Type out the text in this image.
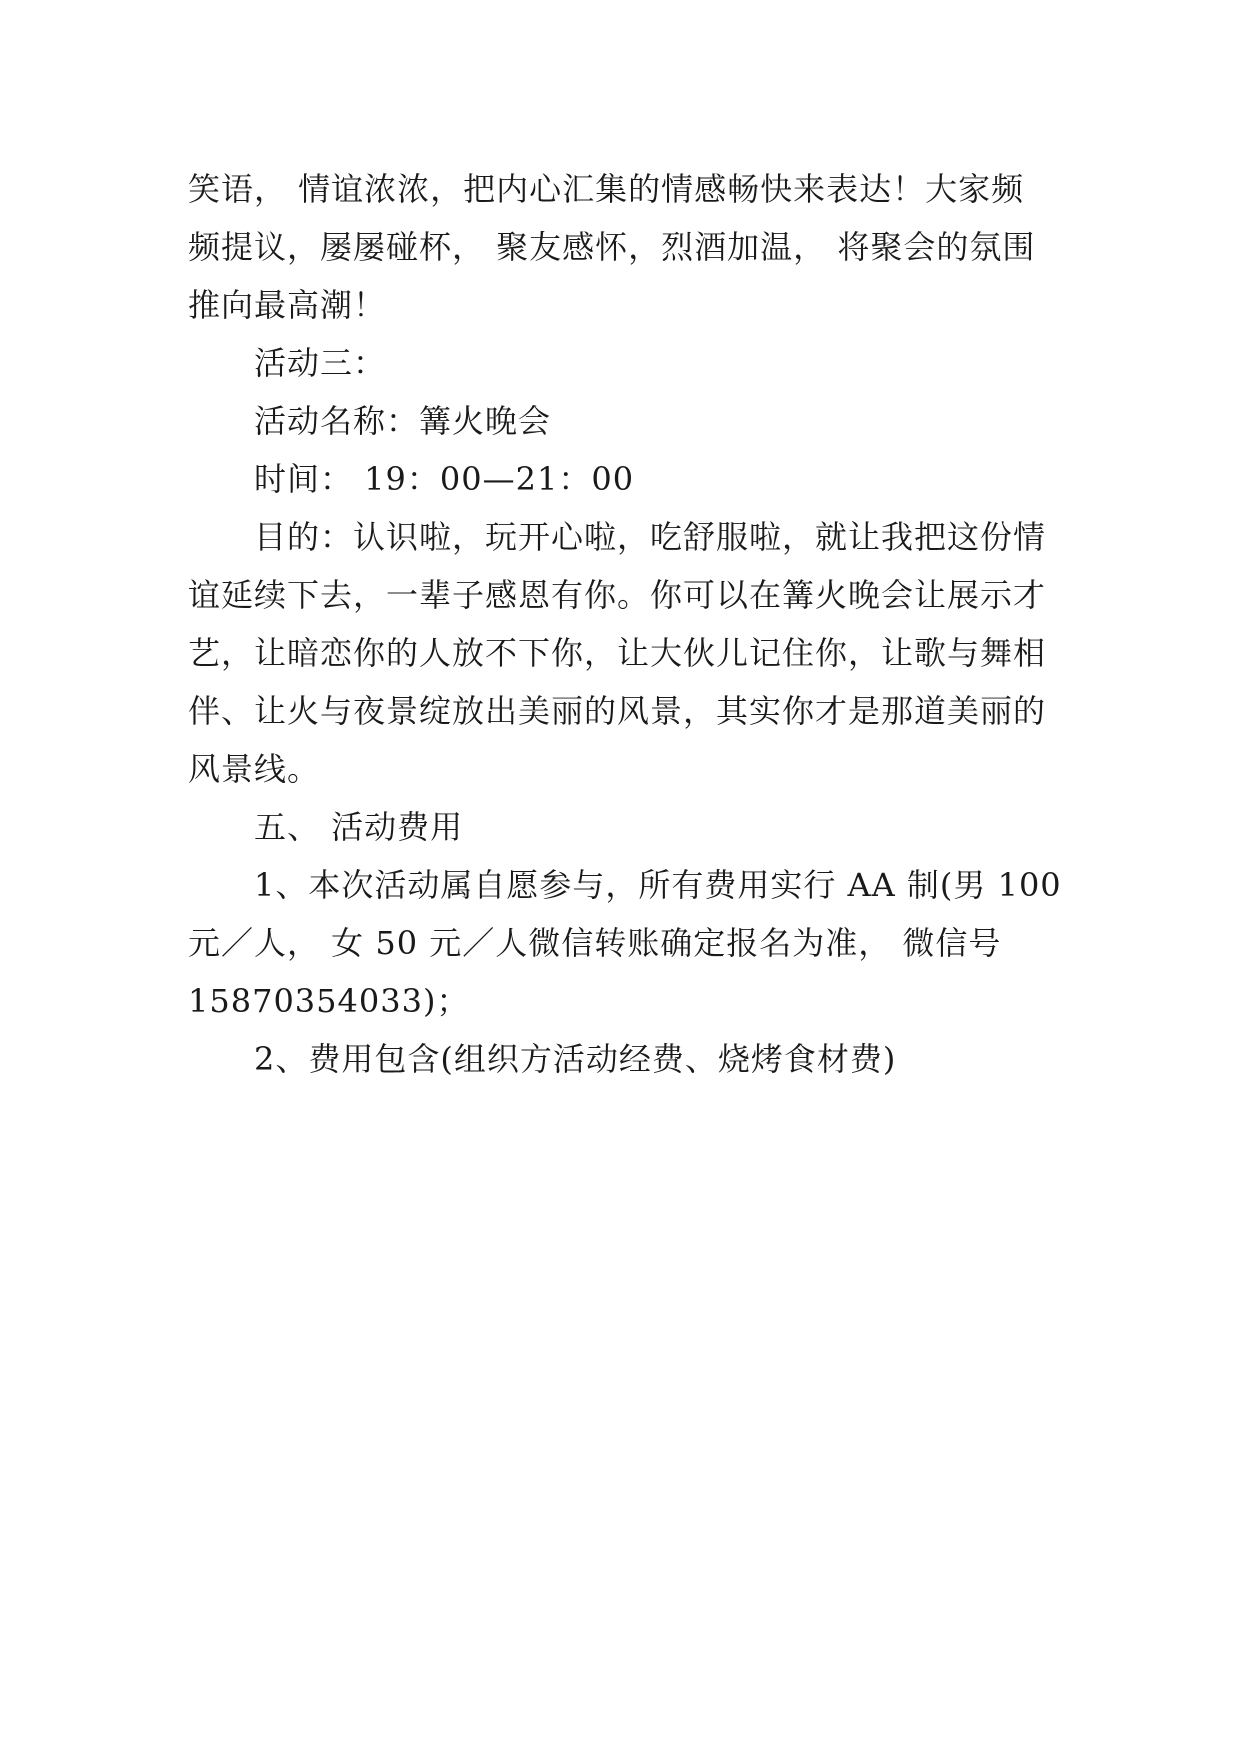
笑语， 情谊浓浓，把内心汇集的情感畅快来表达！大家频
频提议，屡屡碰杯， 聚友感怀，烈酒加温， 将聚会的氛围
推向最高潮！

活动三：

活动名称：篝火晚会

时间： 19：00—21：00

目的：认识啦，玩开心啦，吃舒服啦，就让我把这份情
谊延续下去，一辈子感恩有你。你可以在篝火晚会让展示才
艺，让暗恋你的人放不下你，让大伙儿记住你，让歌与舞相
伴、让火与夜景绽放出美丽的风景，其实你才是那道美丽的
风景线。

五、 活动费用

1、本次活动属自愿参与，所有费用实行 AA 制(男 100
元／人， 女 50 元／人微信转账确定报名为准， 微信号
15870354033)；

2、费用包含(组织方活动经费、烧烤食材费)
